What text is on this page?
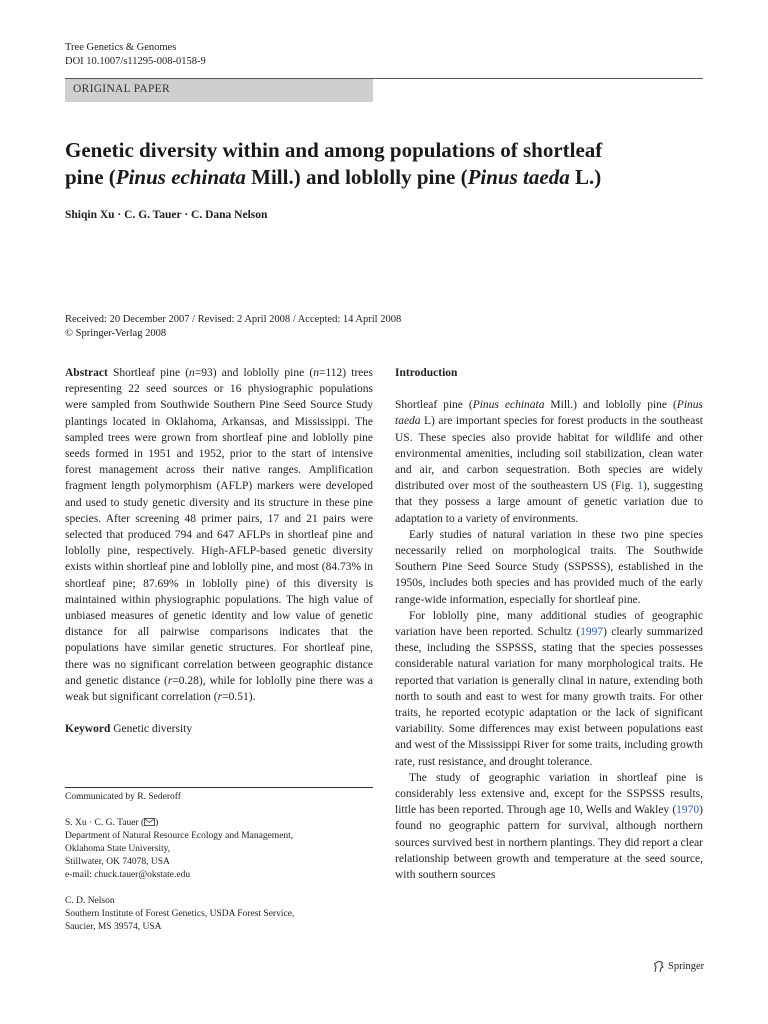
Tree Genetics & Genomes
DOI 10.1007/s11295-008-0158-9
ORIGINAL PAPER
Genetic diversity within and among populations of shortleaf
pine (Pinus echinata Mill.) and loblolly pine (Pinus taeda L.)
Shiqin Xu · C. G. Tauer · C. Dana Nelson
Received: 20 December 2007 / Revised: 2 April 2008 / Accepted: 14 April 2008
© Springer-Verlag 2008

Abstract Shortleaf pine (n=93) and loblolly pine (n=112) trees representing 22 seed sources or 16 physiographic populations were sampled from Southwide Southern Pine Seed Source Study plantings located in Oklahoma, Arkansas, and Mississippi. The sampled trees were grown from shortleaf pine and loblolly pine seeds formed in 1951 and 1952, prior to the start of intensive forest management across their native ranges. Amplification fragment length polymorphism (AFLP) markers were developed and used to study genetic diversity and its structure in these pine species. After screening 48 primer pairs, 17 and 21 pairs were selected that produced 794 and 647 AFLPs in shortleaf pine and loblolly pine, respectively. High-AFLP-based genetic diversity exists within shortleaf pine and loblolly pine, and most (84.73% in shortleaf pine; 87.69% in loblolly pine) of this diversity is maintained within physiographic populations. The high value of unbiased measures of genetic identity and low value of genetic distance for all pairwise comparisons indicates that the populations have similar genetic structures. For shortleaf pine, there was no significant correlation between geographic distance and genetic distance (r=0.28), while for loblolly pine there was a weak but significant correlation (r=0.51).

Keyword Genetic diversity

Communicated by R. Sederoff
S. Xu · C. G. Tauer ( )
Department of Natural Resource Ecology and Management,
Oklahoma State University,
Stillwater, OK 74078, USA
e-mail: chuck.tauer@okstate.edu
C. D. Nelson
Southern Institute of Forest Genetics, USDA Forest Service,
Saucier, MS 39574, USA

Introduction

Shortleaf pine (Pinus echinata Mill.) and loblolly pine (Pinus taeda L) are important species for forest products in the southeast US. These species also provide habitat for wildlife and other environmental amenities, including soil stabilization, clean water and air, and carbon sequestration. Both species are widely distributed over most of the southeastern US (Fig. 1), suggesting that they possess a large amount of genetic variation due to adaptation to a variety of environments.

Early studies of natural variation in these two pine species necessarily relied on morphological traits. The Southwide Southern Pine Seed Source Study (SSPSSS), established in the 1950s, includes both species and has provided much of the early range-wide information, especially for shortleaf pine.

For loblolly pine, many additional studies of geographic variation have been reported. Schultz (1997) clearly summarized these, including the SSPSSS, stating that the species possesses considerable natural variation for many morphological traits. He reported that variation is generally clinal in nature, extending both north to south and east to west for many growth traits. For other traits, he reported ecotypic adaptation or the lack of significant variability. Some differences may exist between populations east and west of the Mississippi River for some traits, including growth rate, rust resistance, and drought tolerance.

The study of geographic variation in shortleaf pine is considerably less extensive and, except for the SSPSSS results, little has been reported. Through age 10, Wells and Wakley (1970) found no geographic pattern for survival, although northern sources survived best in northern plantings. They did report a clear relationship between growth and temperature at the seed source, with southern sources

Springer
